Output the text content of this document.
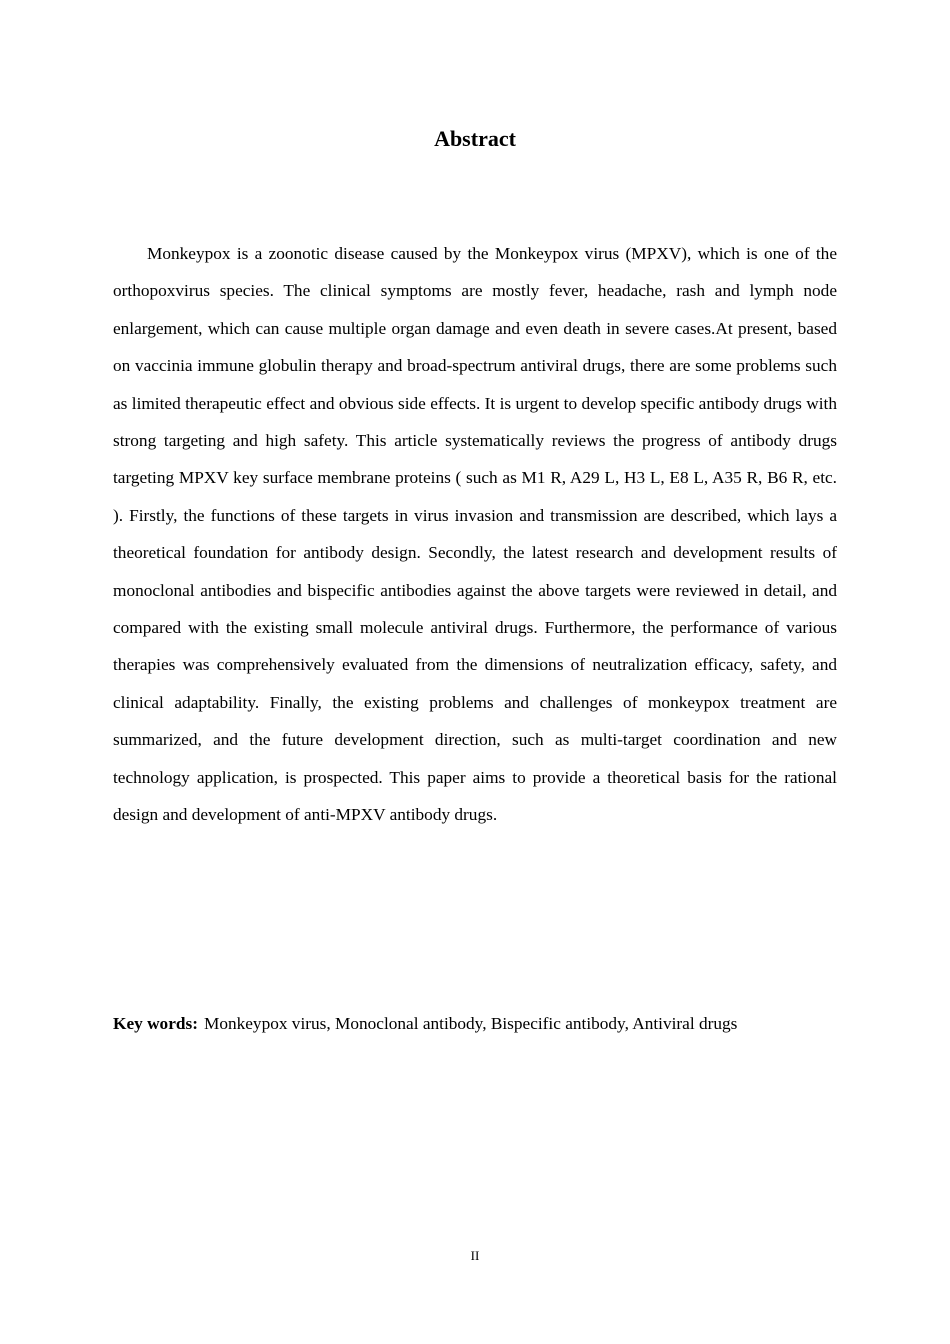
Abstract

Monkeypox is a zoonotic disease caused by the Monkeypox virus (MPXV), which is one of the orthopoxvirus species. The clinical symptoms are mostly fever, headache, rash and lymph node enlargement, which can cause multiple organ damage and even death in severe cases.At present, based on vaccinia immune globulin therapy and broad-spectrum antiviral drugs, there are some problems such as limited therapeutic effect and obvious side effects. It is urgent to develop specific antibody drugs with strong targeting and high safety. This article systematically reviews the progress of antibody drugs targeting MPXV key surface membrane proteins ( such as M1 R, A29 L, H3 L, E8 L, A35 R, B6 R, etc. ). Firstly, the functions of these targets in virus invasion and transmission are described, which lays a theoretical foundation for antibody design. Secondly, the latest research and development results of monoclonal antibodies and bispecific antibodies against the above targets were reviewed in detail, and compared with the existing small molecule antiviral drugs. Furthermore, the performance of various therapies was comprehensively evaluated from the dimensions of neutralization efficacy, safety, and clinical adaptability. Finally, the existing problems and challenges of monkeypox treatment are summarized, and the future development direction, such as multi-target coordination and new technology application, is prospected. This paper aims to provide a theoretical basis for the rational design and development of anti-MPXV antibody drugs.

Key words: Monkeypox virus, Monoclonal antibody, Bispecific antibody, Antiviral drugs

II
